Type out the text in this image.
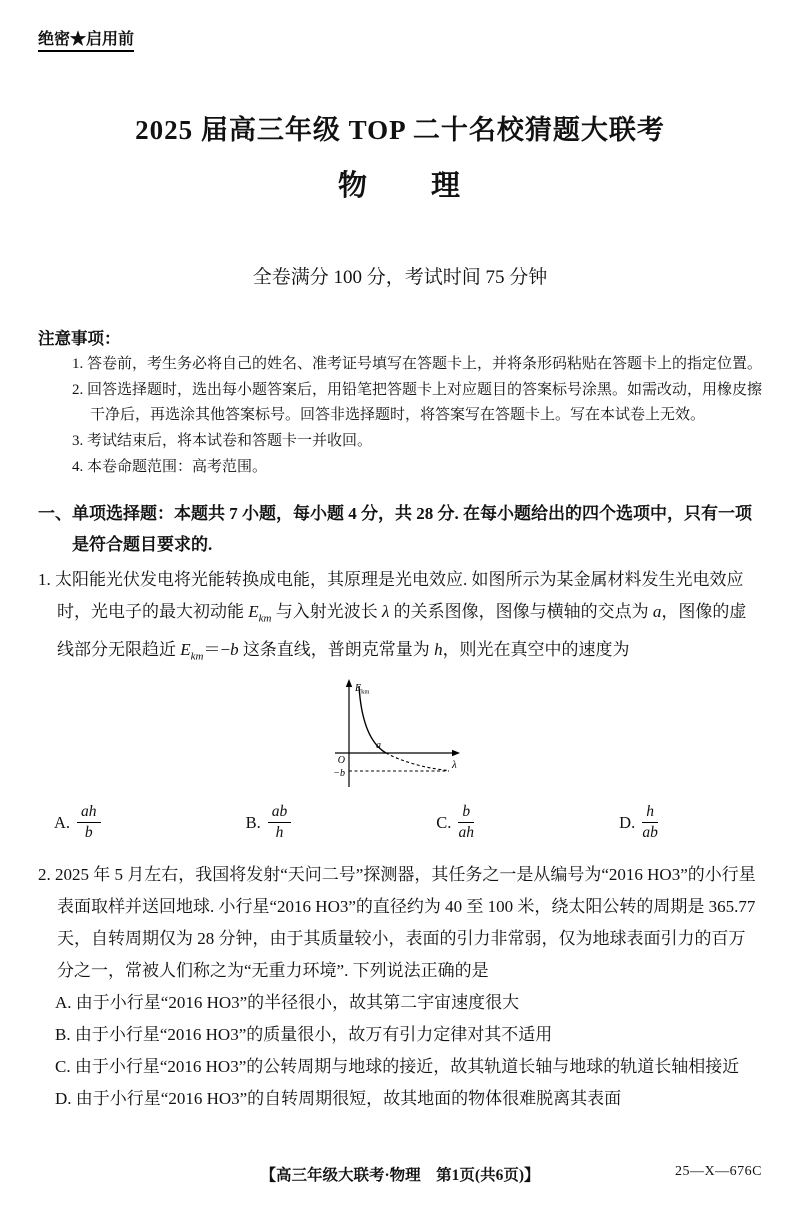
绝密★启用前
2025 届高三年级 TOP 二十名校猜题大联考
物　　理
全卷满分 100 分，考试时间 75 分钟
注意事项：

1. 答卷前，考生务必将自己的姓名、准考证号填写在答题卡上，并将条形码粘贴在答题卡上的指定位置。

2. 回答选择题时，选出每小题答案后，用铅笔把答题卡上对应题目的答案标号涂黑。如需改动，用橡皮擦干净后，再选涂其他答案标号。回答非选择题时，将答案写在答题卡上。写在本试卷上无效。

3. 考试结束后，将本试卷和答题卡一并收回。

4. 本卷命题范围：高考范围。

一、单项选择题：本题共 7 小题，每小题 4 分，共 28 分. 在每小题给出的四个选项中，只有一项是符合题目要求的.

1. 太阳能光伏发电将光能转换成电能，其原理是光电效应. 如图所示为某金属材料发生光电效应时，光电子的最大初动能 $E_{km}$ 与入射光波长 λ 的关系图像，图像与横轴的交点为 a，图像的虚线部分无限趋近 $E_{km}=-b$ 这条直线，普朗克常量为 h，则光在真空中的速度为

$E_{km}$
O
−b
a
λ
A. $\frac{ah}{b}$	B. $\frac{ab}{h}$	C. $\frac{b}{ah}$	D. $\frac{h}{ab}$

2. 2025 年 5 月左右，我国将发射“天问二号”探测器，其任务之一是从编号为“2016 HO3”的小行星表面取样并送回地球. 小行星“2016 HO3”的直径约为 40 至 100 米，绕太阳公转的周期是 365.77 天，自转周期仅为 28 分钟，由于其质量较小，表面的引力非常弱，仅为地球表面引力的百万分之一，常被人们称之为“无重力环境”. 下列说法正确的是

A. 由于小行星“2016 HO3”的半径很小，故其第二宇宙速度很大

B. 由于小行星“2016 HO3”的质量很小，故万有引力定律对其不适用

C. 由于小行星“2016 HO3”的公转周期与地球的接近，故其轨道长轴与地球的轨道长轴相接近

D. 由于小行星“2016 HO3”的自转周期很短，故其地面的物体很难脱离其表面

【高三年级大联考·物理　第1页(共6页)】	25—X—676C
